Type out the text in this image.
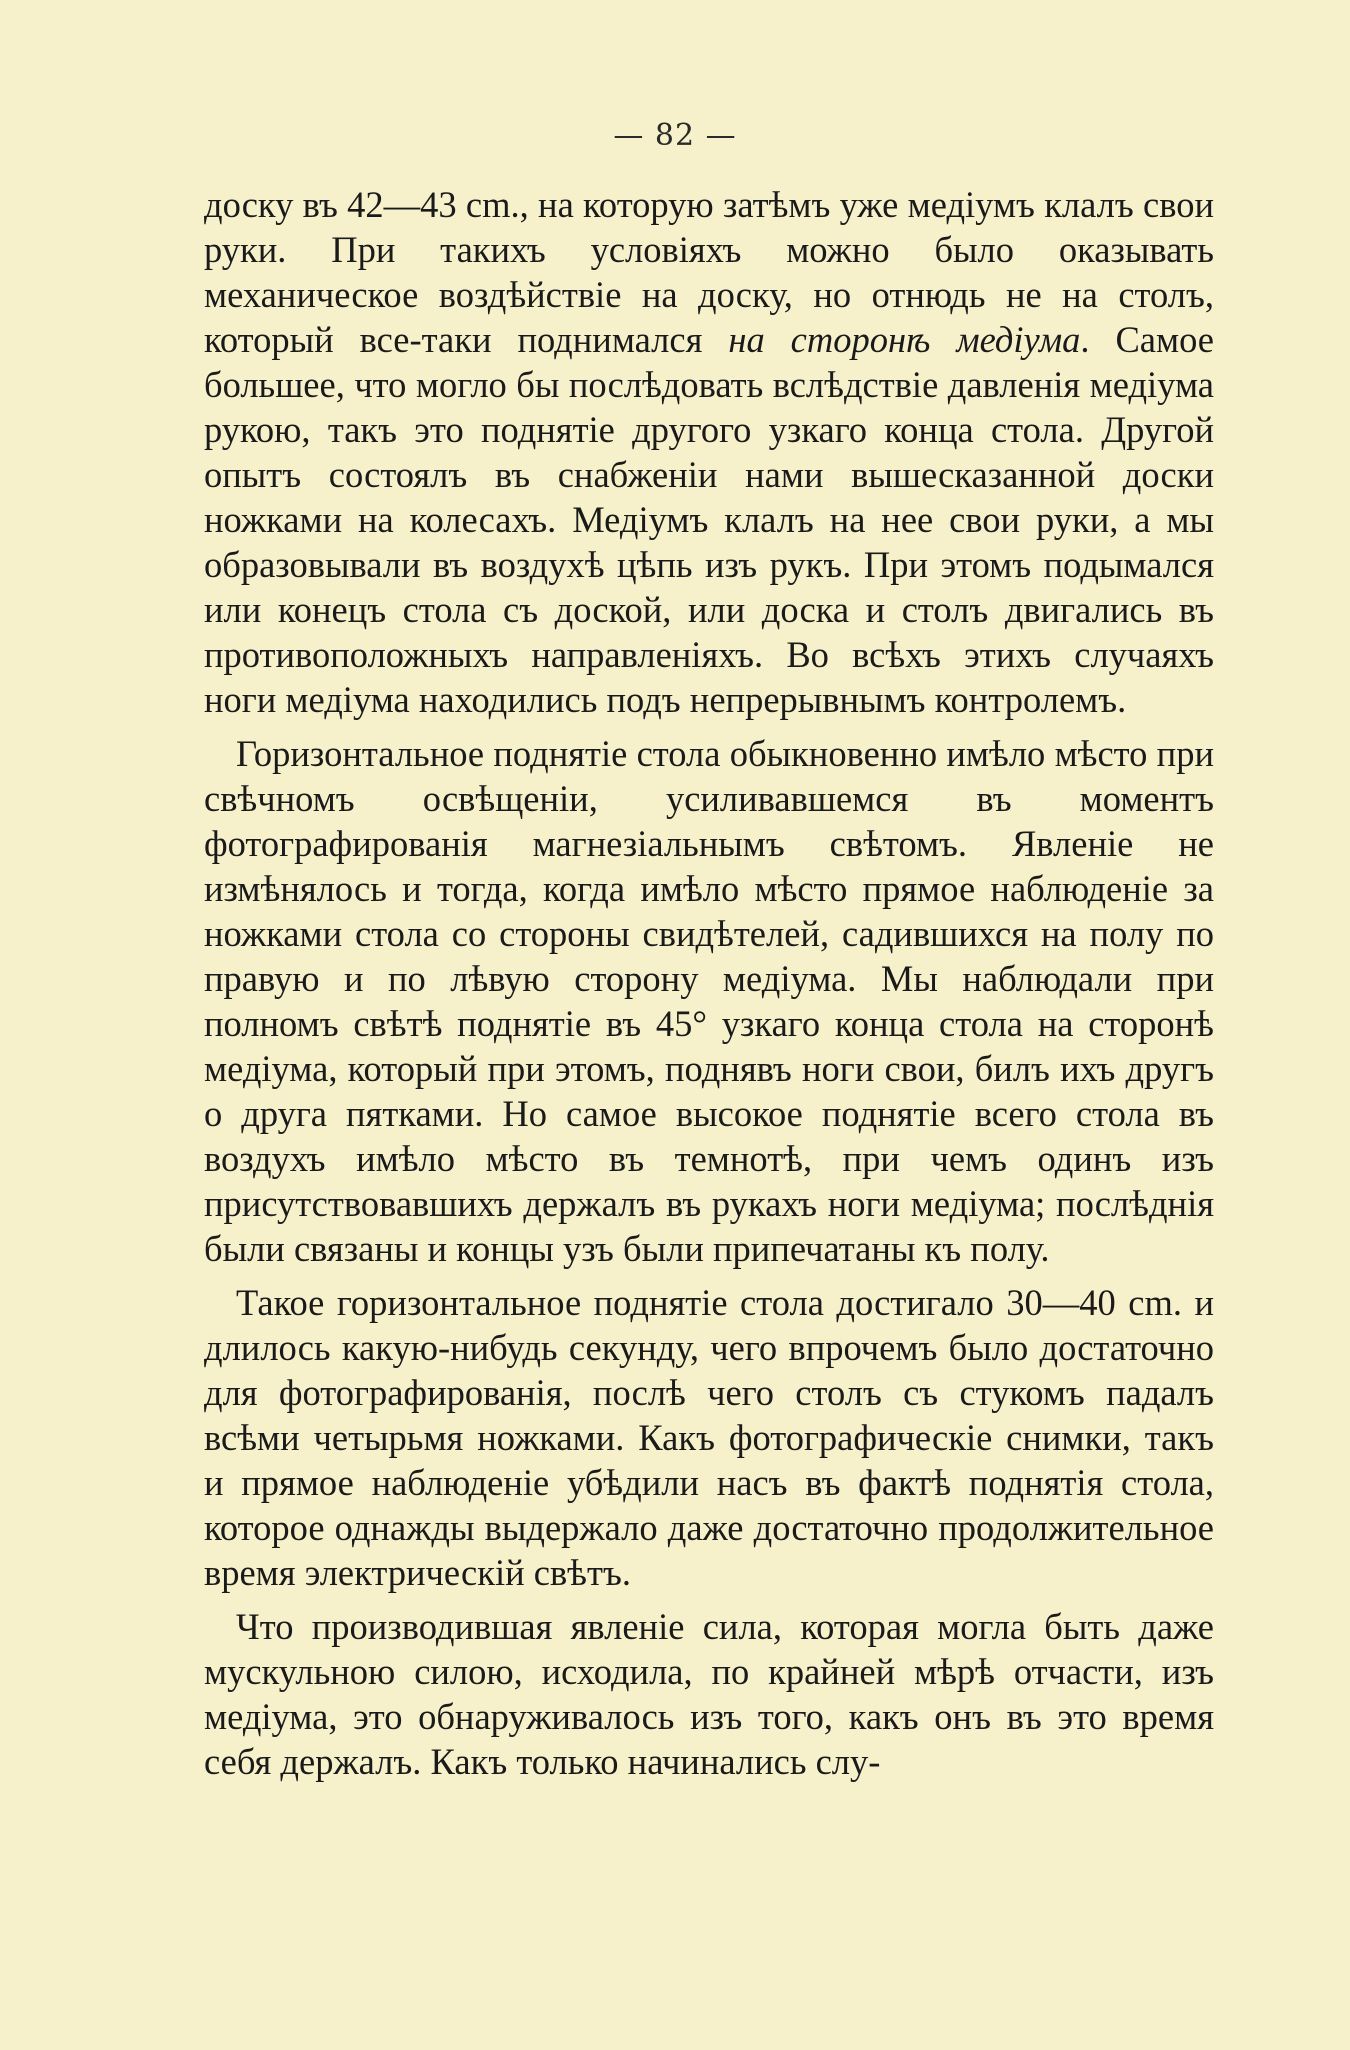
— 82 —

доску въ 42—43 cm., на которую затѣмъ уже медіумъ клалъ свои руки. При такихъ условіяхъ можно было оказывать механическое воздѣйствіе на доску, но отнюдь не на столъ, который все-таки поднимался на сторонѣ медіума. Самое большее, что могло бы послѣдовать вслѣдствіе давленія медіума рукою, такъ это поднятіе другого узкаго конца стола. Другой опытъ состоялъ въ снабженіи нами вышесказанной доски ножками на колесахъ. Медіумъ клалъ на нее свои руки, а мы образовывали въ воздухѣ цѣпь изъ рукъ. При этомъ подымался или конецъ стола съ доской, или доска и столъ двигались въ противоположныхъ направленіяхъ. Во всѣхъ этихъ случаяхъ ноги медіума находились подъ непрерывнымъ контролемъ.

Горизонтальное поднятіе стола обыкновенно имѣло мѣсто при свѣчномъ освѣщеніи, усиливавшемся въ моментъ фотографированія магнезіальнымъ свѣтомъ. Явленіе не измѣнялось и тогда, когда имѣло мѣсто прямое наблюденіе за ножками стола со стороны свидѣтелей, садившихся на полу по правую и по лѣвую сторону медіума. Мы наблюдали при полномъ свѣтѣ поднятіе въ 45° узкаго конца стола на сторонѣ медіума, который при этомъ, поднявъ ноги свои, билъ ихъ другъ о друга пятками. Но самое высокое поднятіе всего стола въ воздухъ имѣло мѣсто въ темнотѣ, при чемъ одинъ изъ присутствовавшихъ держалъ въ рукахъ ноги медіума; послѣднія были связаны и концы узъ были припечатаны къ полу.

Такое горизонтальное поднятіе стола достигало 30—40 cm. и длилось какую-нибудь секунду, чего впрочемъ было достаточно для фотографированія, послѣ чего столъ съ стукомъ падалъ всѣми четырьмя ножками. Какъ фотографическіе снимки, такъ и прямое наблюденіе убѣдили насъ въ фактѣ поднятія стола, которое однажды выдержало даже достаточно продолжительное время электрическій свѣтъ.

Что производившая явленіе сила, которая могла быть даже мускульною силою, исходила, по крайней мѣрѣ отчасти, изъ медіума, это обнаруживалось изъ того, какъ онъ въ это время себя держалъ. Какъ только начинались слу-
